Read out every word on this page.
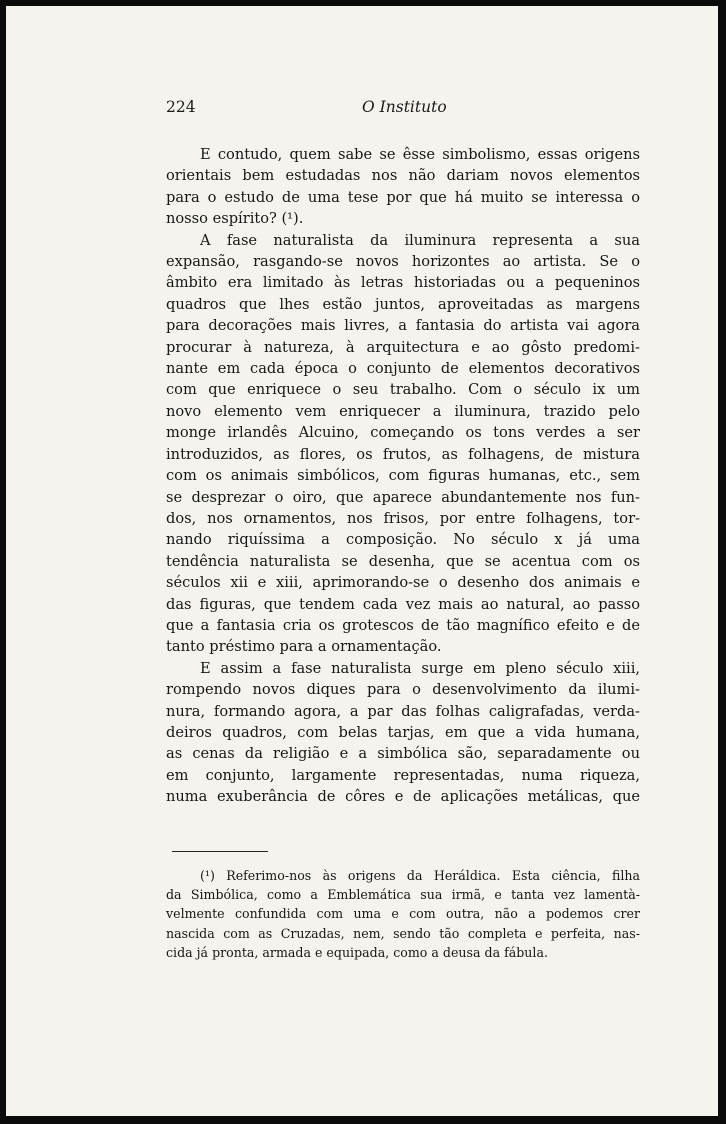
224	O Instituto
E contudo, quem sabe se êsse simbolismo, essas origens
orientais bem estudadas nos não dariam novos elementos
para o estudo de uma tese por que há muito se interessa o
nosso espírito? (¹).
A fase naturalista da iluminura representa a sua
expansão, rasgando-se novos horizontes ao artista. Se o
âmbito era limitado às letras historiadas ou a pequeninos
quadros que lhes estão juntos, aproveitadas as margens
para decorações mais livres, a fantasia do artista vai agora
procurar à natureza, à arquitectura e ao gôsto predomi-
nante em cada época o conjunto de elementos decorativos
com que enriquece o seu trabalho. Com o século ix um
novo elemento vem enriquecer a iluminura, trazido pelo
monge irlandês Alcuino, começando os tons verdes a ser
introduzidos, as flores, os frutos, as folhagens, de mistura
com os animais simbólicos, com figuras humanas, etc., sem
se desprezar o oiro, que aparece abundantemente nos fun-
dos, nos ornamentos, nos frisos, por entre folhagens, tor-
nando riquíssima a composição. No século x já uma
tendência naturalista se desenha, que se acentua com os
séculos xii e xiii, aprimorando-se o desenho dos animais e
das figuras, que tendem cada vez mais ao natural, ao passo
que a fantasia cria os grotescos de tão magnífico efeito e de
tanto préstimo para a ornamentação.
E assim a fase naturalista surge em pleno século xiii,
rompendo novos diques para o desenvolvimento da ilumi-
nura, formando agora, a par das folhas caligrafadas, verda-
deiros quadros, com belas tarjas, em que a vida humana,
as cenas da religião e a simbólica são, separadamente ou
em conjunto, largamente representadas, numa riqueza,
numa exuberância de côres e de aplicações metálicas, que
(¹) Referimo-nos às origens da Heráldica. Esta ciência, filha
da Simbólica, como a Emblemática sua irmã, e tanta vez lamentà-
velmente confundida com uma e com outra, não a podemos crer
nascida com as Cruzadas, nem, sendo tão completa e perfeita, nas-
cida já pronta, armada e equipada, como a deusa da fábula.
